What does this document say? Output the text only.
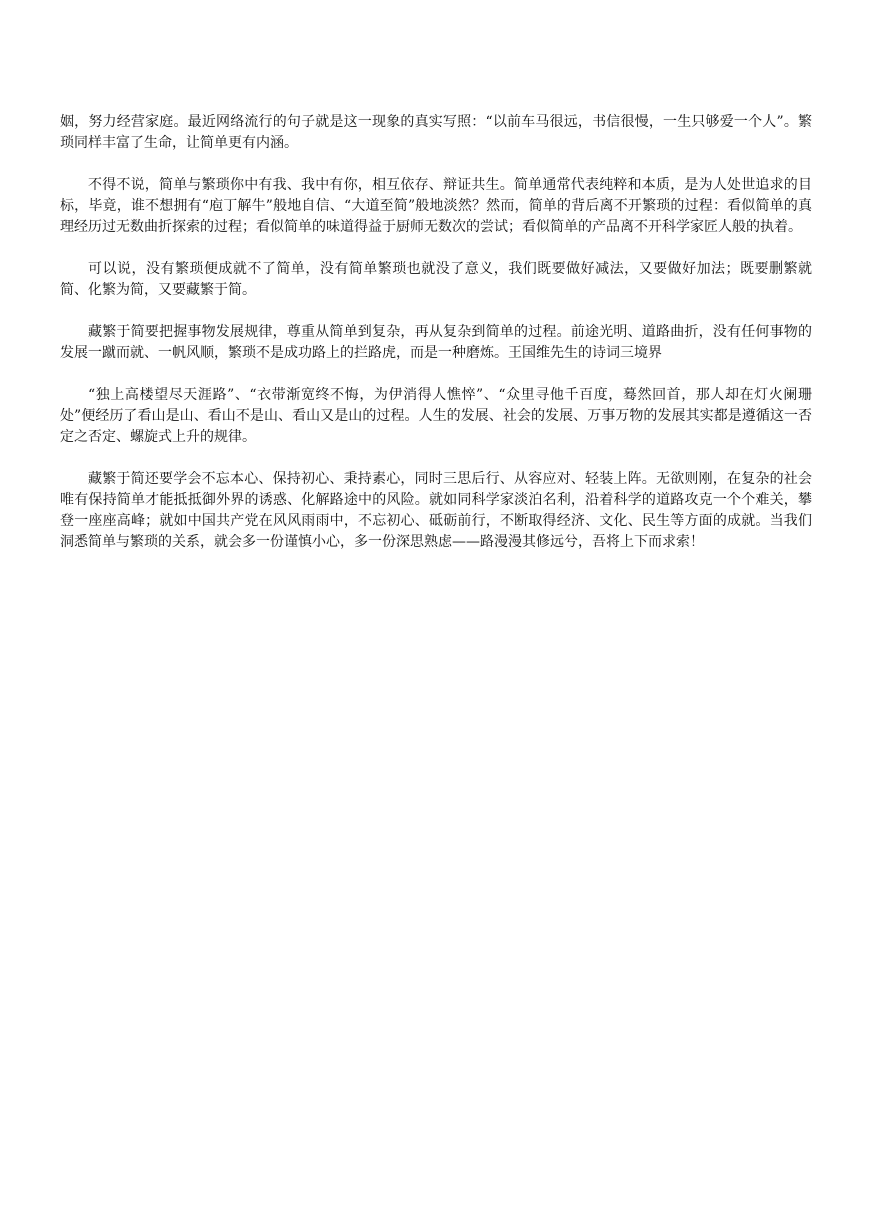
姻，努力经营家庭。最近网络流行的句子就是这一现象的真实写照：“以前车马很远，书信很慢，一生只够爱一个人”。繁琐同样丰富了生命，让简单更有内涵。

不得不说，简单与繁琐你中有我、我中有你，相互依存、辩证共生。简单通常代表纯粹和本质，是为人处世追求的目标，毕竟，谁不想拥有“庖丁解牛”般地自信、“大道至简”般地淡然？然而，简单的背后离不开繁琐的过程：看似简单的真理经历过无数曲折探索的过程；看似简单的味道得益于厨师无数次的尝试；看似简单的产品离不开科学家匠人般的执着。

可以说，没有繁琐便成就不了简单，没有简单繁琐也就没了意义，我们既要做好减法，又要做好加法；既要删繁就简、化繁为简，又要藏繁于简。

藏繁于简要把握事物发展规律，尊重从简单到复杂，再从复杂到简单的过程。前途光明、道路曲折，没有任何事物的发展一蹴而就、一帆风顺，繁琐不是成功路上的拦路虎，而是一种磨炼。王国维先生的诗词三境界

“独上高楼望尽天涯路”、“衣带渐宽终不悔，为伊消得人憔悴”、“众里寻他千百度，蓦然回首，那人却在灯火阑珊处”便经历了看山是山、看山不是山、看山又是山的过程。人生的发展、社会的发展、万事万物的发展其实都是遵循这一否定之否定、螺旋式上升的规律。

藏繁于简还要学会不忘本心、保持初心、秉持素心，同时三思后行、从容应对、轻装上阵。无欲则刚，在复杂的社会唯有保持简单才能抵抵御外界的诱惑、化解路途中的风险。就如同科学家淡泊名利，沿着科学的道路攻克一个个难关，攀登一座座高峰；就如中国共产党在风风雨雨中，不忘初心、砥砺前行，不断取得经济、文化、民生等方面的成就。当我们洞悉简单与繁琐的关系，就会多一份谨慎小心，多一份深思熟虑——路漫漫其修远兮，吾将上下而求索！
